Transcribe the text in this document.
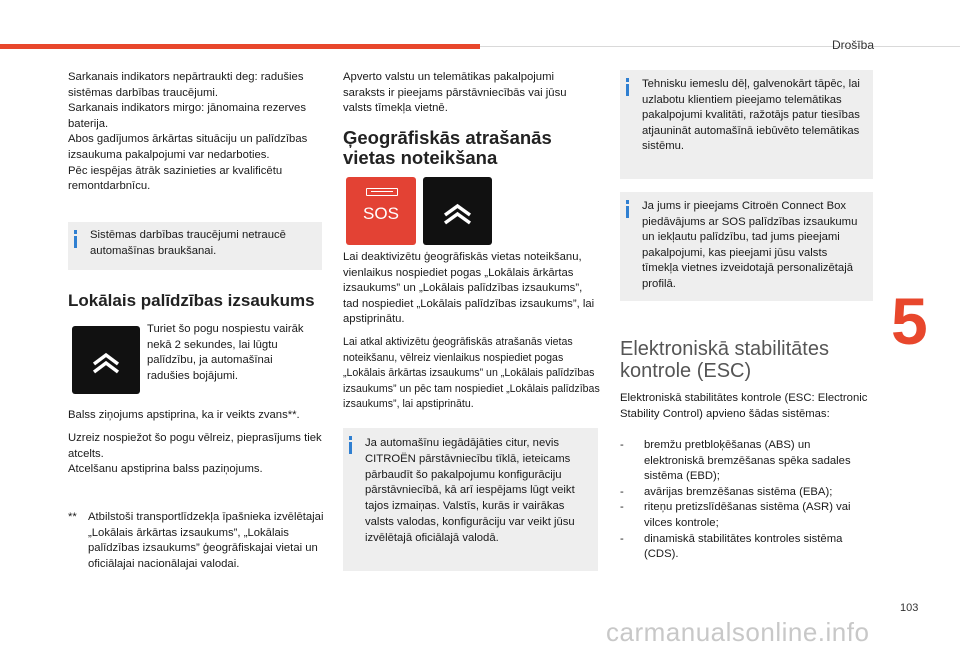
Drošība

Sarkanais indikators nepārtraukti deg: radušies sistēmas darbības traucējumi.

Sarkanais indikators mirgo: jānomaina rezerves baterija.

Abos gadījumos ārkārtas situāciju un palīdzības izsaukuma pakalpojumi var nedarboties.

Pēc iespējas ātrāk sazinieties ar kvalificētu remontdarbnīcu.

Sistēmas darbības traucējumi netraucē automašīnas braukšanai.
Lokālais palīdzības izsaukums
Turiet šo pogu nospiestu vairāk nekā 2 sekundes, lai lūgtu palīdzību, ja automašīnai radušies bojājumi.

Balss ziņojums apstiprina, ka ir veikts zvans**.

Uzreiz nospiežot šo pogu vēlreiz, pieprasījums tiek atcelts.

Atcelšanu apstiprina balss paziņojums.

** Atbilstoši transportlīdzekļa īpašnieka izvēlētajai „Lokālais ārkārtas izsaukums”, „Lokālais palīdzības izsaukums” ģeogrāfiskajai vietai un oficiālajai nacionālajai valodai.

Apverto valstu un telemātikas pakalpojumi saraksts ir pieejams pārstāvniecībās vai jūsu valsts tīmekļa vietnē.

Ģeogrāfiskās atrašanās vietas noteikšana
SOS

Lai deaktivizētu ģeogrāfiskās vietas noteikšanu, vienlaikus nospiediet pogas „Lokālais ārkārtas izsaukums” un „Lokālais palīdzības izsaukums”, tad nospiediet „Lokālais palīdzības izsaukums”, lai apstiprinātu.

Lai atkal aktivizētu ģeogrāfiskās atrašanās vietas noteikšanu, vēlreiz vienlaikus nospiediet pogas „Lokālais ārkārtas izsaukums” un „Lokālais palīdzības izsaukums” un pēc tam nospiediet „Lokālais palīdzības izsaukums”, lai apstiprinātu.

Ja automašīnu iegādājāties citur, nevis CITROËN pārstāvniecību tīklā, ieteicams pārbaudīt šo pakalpojumu konfigurāciju pārstāvniecībā, kā arī iespējams lūgt veikt tajos izmaiņas. Valstīs, kurās ir vairākas valsts valodas, konfigurāciju var veikt jūsu izvēlētajā oficiālajā valodā.
Tehnisku iemeslu dēļ, galvenokārt tāpēc, lai uzlabotu klientiem pieejamo telemātikas pakalpojumi kvalitāti, ražotājs patur tiesības atjaunināt automašīnā iebūvēto telemātikas sistēmu.
Ja jums ir pieejams Citroën Connect Box piedāvājums ar SOS palīdzības izsaukumu un iekļautu palīdzību, tad jums pieejami pakalpojumi, kas pieejami jūsu valsts tīmekļa vietnes izveidotajā personalizētajā profilā.
Elektroniskā stabilitātes kontrole (ESC)

Elektroniskā stabilitātes kontrole (ESC: Electronic Stability Control) apvieno šādas sistēmas:

- bremžu pretbloķēšanas (ABS) un elektroniskā bremzēšanas spēka sadales sistēma (EBD);
- avārijas bremzēšanas sistēma (EBA);
- riteņu pretizslīdēšanas sistēma (ASR) vai vilces kontrole;
- dinamiskā stabilitātes kontroles sistēma (CDS).
5
103
carmanualsonline.info
